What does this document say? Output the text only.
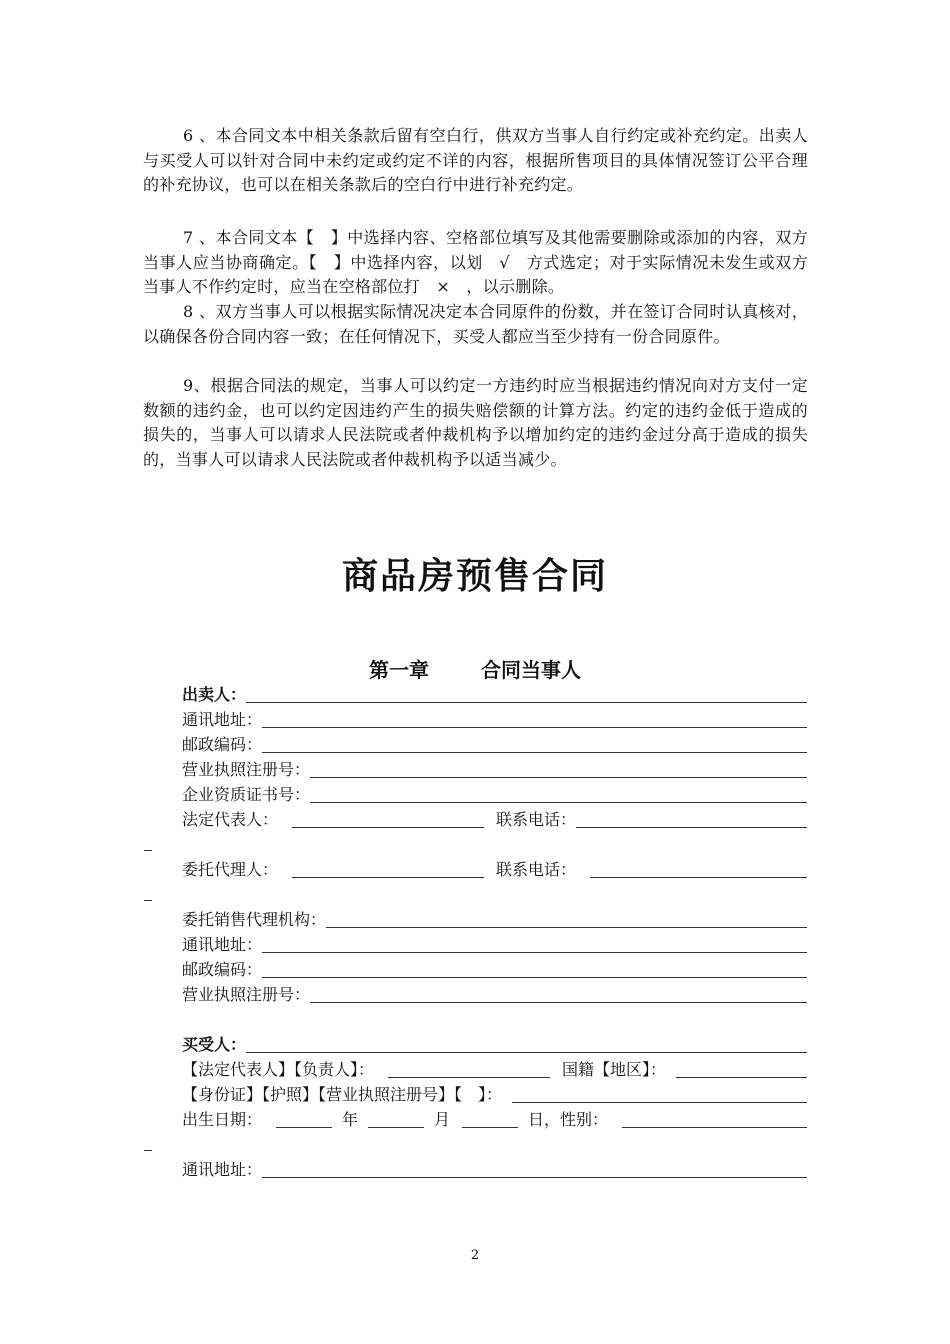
6 、本合同文本中相关条款后留有空白行，供双方当事人自行约定或补充约定。出卖人与买受人可以针对合同中未约定或约定不详的内容，根据所售项目的具体情况签订公平合理的补充协议，也可以在相关条款后的空白行中进行补充约定。

7 、本合同文本【　】中选择内容、空格部位填写及其他需要删除或添加的内容，双方当事人应当协商确定。【　】中选择内容，以划　√　方式选定；对于实际情况未发生或双方当事人不作约定时，应当在空格部位打　×　，以示删除。

8 、双方当事人可以根据实际情况决定本合同原件的份数，并在签订合同时认真核对，以确保各份合同内容一致；在任何情况下，买受人都应当至少持有一份合同原件。

9、根据合同法的规定，当事人可以约定一方违约时应当根据违约情况向对方支付一定数额的违约金，也可以约定因违约产生的损失赔偿额的计算方法。约定的违约金低于造成的损失的，当事人可以请求人民法院或者仲裁机构予以增加约定的违约金过分高于造成的损失的，当事人可以请求人民法院或者仲裁机构予以适当减少。

商品房预售合同
第一章	合同当事人
出卖人：
通讯地址：
邮政编码：
营业执照注册号：
企业资质证书号：
法定代表人：	联系电话：
委托代理人：	联系电话：
委托销售代理机构：
通讯地址：
邮政编码：
营业执照注册号：
买受人：
【法定代表人】【负责人】：	国籍【地区】：
【身份证】【护照】【营业执照注册号】【　】：
出生日期：	年	月	日，性别：
通讯地址：
2
